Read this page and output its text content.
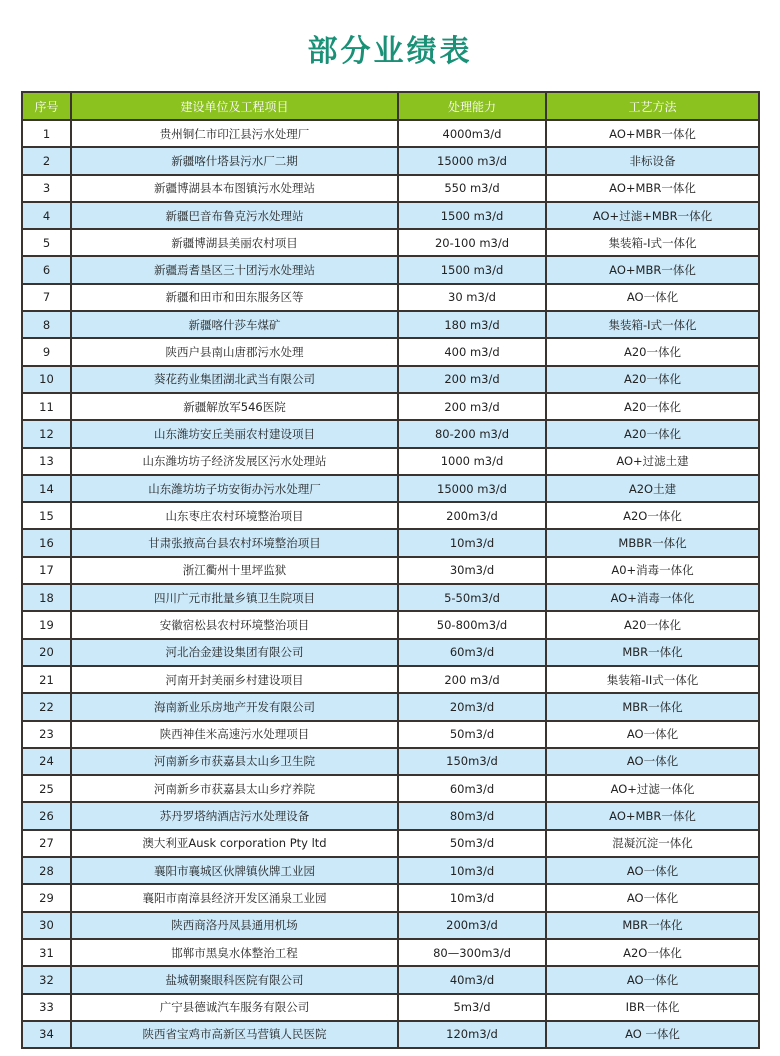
部分业绩表
序号	建设单位及工程项目	处理能力	工艺方法
1	贵州铜仁市印江县污水处理厂	4000m3/d	AO+MBR一体化
2	新疆喀什塔县污水厂二期	15000 m3/d	非标设备
3	新疆博湖县本布图镇污水处理站	550 m3/d	AO+MBR一体化
4	新疆巴音布鲁克污水处理站	1500 m3/d	AO+过滤+MBR一体化
5	新疆博湖县美丽农村项目	20-100 m3/d	集装箱-I式一体化
6	新疆焉耆垦区三十团污水处理站	1500 m3/d	AO+MBR一体化
7	新疆和田市和田东服务区等	30 m3/d	AO一体化
8	新疆喀什莎车煤矿	180 m3/d	集装箱-I式一体化
9	陕西户县南山唐郡污水处理	400 m3/d	A20一体化
10	葵花药业集团湖北武当有限公司	200 m3/d	A20一体化
11	新疆解放军546医院	200 m3/d	A20一体化
12	山东潍坊安丘美丽农村建设项目	80-200 m3/d	A20一体化
13	山东潍坊坊子经济发展区污水处理站	1000 m3/d	AO+过滤土建
14	山东潍坊坊子坊安街办污水处理厂	15000 m3/d	A2O土建
15	山东枣庄农村环境整治项目	200m3/d	A2O一体化
16	甘肃张掖高台县农村环境整治项目	10m3/d	MBBR一体化
17	浙江衢州十里坪监狱	30m3/d	A0+消毒一体化
18	四川广元市批量乡镇卫生院项目	5-50m3/d	AO+消毒一体化
19	安徽宿松县农村环境整治项目	50-800m3/d	A20一体化
20	河北冶金建设集团有限公司	60m3/d	MBR一体化
21	河南开封美丽乡村建设项目	200 m3/d	集装箱-II式一体化
22	海南新业乐房地产开发有限公司	20m3/d	MBR一体化
23	陕西神佳米高速污水处理项目	50m3/d	AO一体化
24	河南新乡市获嘉县太山乡卫生院	150m3/d	AO一体化
25	河南新乡市获嘉县太山乡疗养院	60m3/d	AO+过滤一体化
26	苏丹罗塔纳酒店污水处理设备	80m3/d	AO+MBR一体化
27	澳大利亚Ausk corporation Pty ltd	50m3/d	混凝沉淀一体化
28	襄阳市襄城区伙牌镇伙牌工业园	10m3/d	AO一体化
29	襄阳市南漳县经济开发区涌泉工业园	10m3/d	AO一体化
30	陕西商洛丹凤县通用机场	200m3/d	MBR一体化
31	邯郸市黑臭水体整治工程	80—300m3/d	A2O一体化
32	盐城朝聚眼科医院有限公司	40m3/d	AO一体化
33	广宁县德诚汽车服务有限公司	5m3/d	IBR一体化
34	陕西省宝鸡市高新区马营镇人民医院	120m3/d	AO 一体化
